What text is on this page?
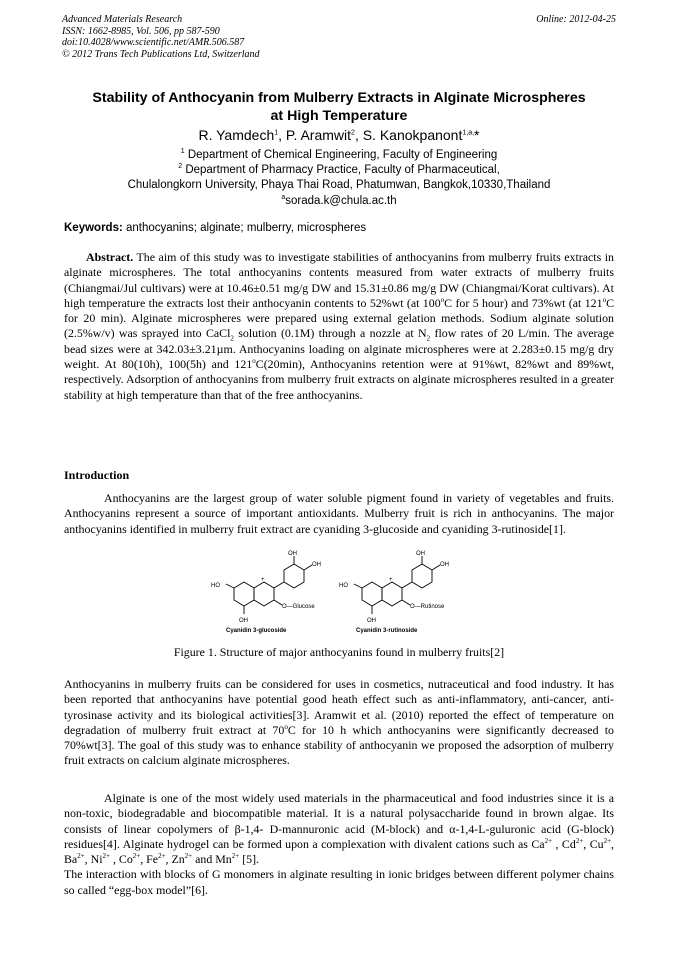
Advanced Materials Research
ISSN: 1662-8985, Vol. 506, pp 587-590
doi:10.4028/www.scientific.net/AMR.506.587
© 2012 Trans Tech Publications Ltd, Switzerland
Online: 2012-04-25
Stability of Anthocyanin from Mulberry Extracts in Alginate Microspheres
at High Temperature
R. Yamdech$^1$, P. Aramwit$^2$, S. Kanokpanont$^{1,a,}$*
$^1$ Department of Chemical Engineering, Faculty of Engineering
$^2$ Department of Pharmacy Practice, Faculty of Pharmaceutical,
Chulalongkorn University, Phaya Thai Road, Phatumwan, Bangkok,10330,Thailand
$^a$sorada.k@chula.ac.th
Keywords: anthocyanins; alginate; mulberry, microspheres
Abstract. The aim of this study was to investigate stabilities of anthocyanins from mulberry fruits extracts in alginate microspheres. The total anthocyanins contents measured from water extracts of mulberry fruits (Chiangmai/Jul cultivars) were at 10.46±0.51 mg/g DW and 15.31±0.86 mg/g DW (Chiangmai/Korat cultivars). At high temperature the extracts lost their anthocyanin contents to 52%wt (at 100$^o$C for 5 hour) and 73%wt (at 121$^o$C for 20 min). Alginate microspheres were prepared using external gelation methods. Sodium alginate solution (2.5%w/v) was sprayed into CaCl$_2$ solution (0.1M) through a nozzle at $N_2$ flow rates of 20 L/min. The average bead sizes were at 342.03±3.21µm. Anthocyanins loading on alginate microspheres were at 2.283±0.15 mg/g dry weight. At 80(10h), 100(5h) and 121$^o$C(20min), Anthocyanins retention were at 91%wt, 82%wt and 89%wt, respectively. Adsorption of anthocyanins from mulberry fruit extracts on alginate microspheres resulted in a greater stability at high temperature than that of the free anthocyanins.
Introduction
Anthocyanins are the largest group of water soluble pigment found in variety of vegetables and fruits. Anthocyanins represent a source of important antioxidants. Mulberry fruit is rich in anthocyanins. The major anthocyanins identified in mulberry fruit extract are cyaniding 3-glucoside and cyaniding 3-rutinoside[1].
HO
OH
OH
OH
+
O—Glucose
Cyanidin 3-glucoside
HO
OH
OH
OH
+
O—Rutinose
Cyanidin 3-rutinoside
Figure 1. Structure of major anthocyanins found in mulberry fruits[2]
Anthocyanins in mulberry fruits can be considered for uses in cosmetics, nutraceutical and food industry. It has been reported that anthocyanins have potential good heath effect such as anti-inflammatory, anti-cancer, anti-tyrosinase activity and its biological activities[3]. Aramwit et al. (2010) reported the effect of temperature on degradation of mulberry fruit extract at 70$^o$C for 10 h which anthocyanins were significantly decreased to 70%wt[3]. The goal of this study was to enhance stability of anthocyanin we proposed the adsorption of mulberry fruit extracts on calcium alginate microspheres.
Alginate is one of the most widely used materials in the pharmaceutical and food industries since it is a non-toxic, biodegradable and biocompatible material. It is a natural polysaccharide found in brown algae. Its consists of linear copolymers of β-1,4- D-mannuronic acid (M-block) and α-1,4-L-guluronic acid (G-block) residues[4]. Alginate hydrogel can be formed upon a complexation with divalent cations such as $Ca^{2+}$ , $Cd^{2+}$, $Cu^{2+}$, $Ba^{2+}$, $Ni^{2+}$ , $Co^{2+}$, $Fe^{2+}$, $Zn^{2+}$ and $Mn^{2+}$ [5].
The interaction with blocks of G monomers in alginate resulting in ionic bridges between different polymer chains so called “egg-box model”[6].
